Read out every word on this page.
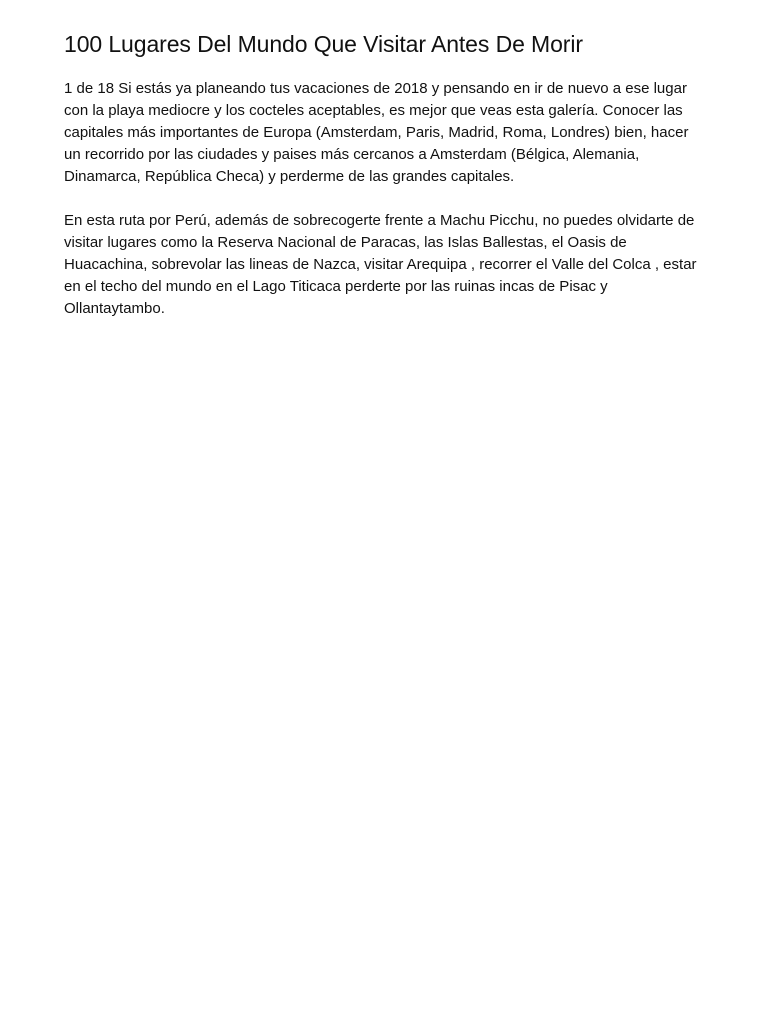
100 Lugares Del Mundo Que Visitar Antes De Morir

1 de 18 Si estás ya planeando tus vacaciones de 2018 y pensando en ir de nuevo a ese lugar con la playa mediocre y los cocteles aceptables, es mejor que veas esta galería. Conocer las capitales más importantes de Europa (Amsterdam, Paris, Madrid, Roma, Londres) bien, hacer un recorrido por las ciudades y paises más cercanos a Amsterdam (Bélgica, Alemania, Dinamarca, República Checa) y perderme de las grandes capitales.

En esta ruta por Perú, además de sobrecogerte frente a Machu Picchu, no puedes olvidarte de visitar lugares como la Reserva Nacional de Paracas, las Islas Ballestas, el Oasis de Huacachina, sobrevolar las lineas de Nazca, visitar Arequipa , recorrer el Valle del Colca , estar en el techo del mundo en el Lago Titicaca perderte por las ruinas incas de Pisac y Ollantaytambo.
